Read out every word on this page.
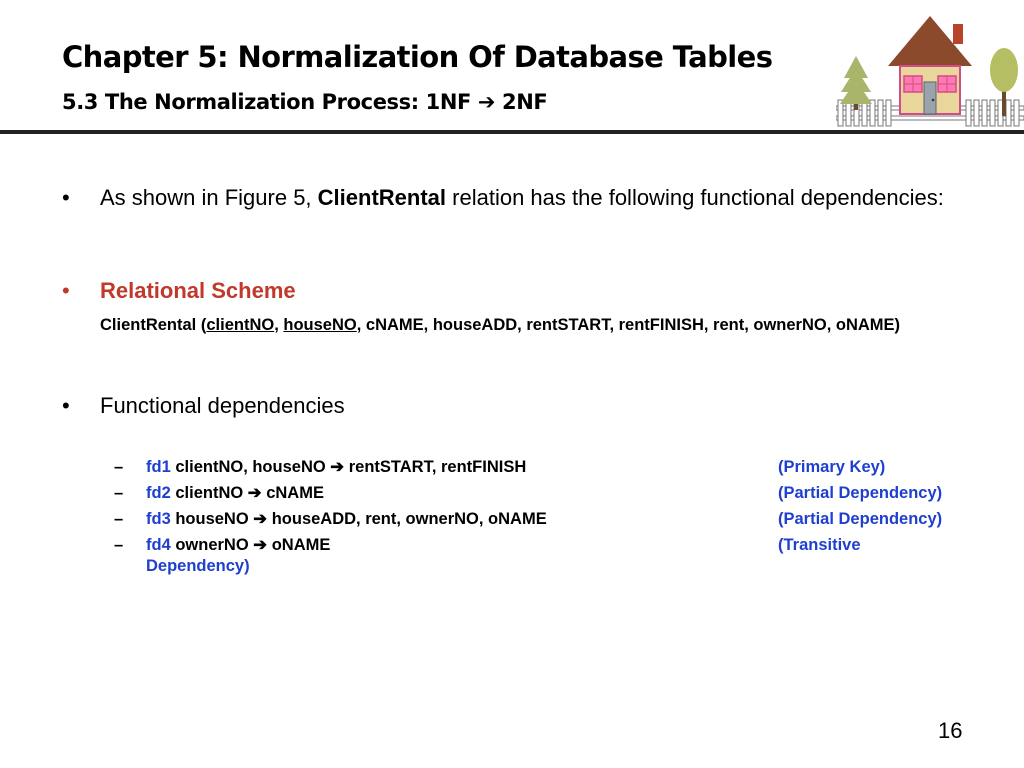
Chapter 5: Normalization Of Database Tables
5.3 The Normalization Process: 1NF ➔ 2NF
•	As shown in Figure 5, ClientRental relation has the following functional dependencies:
•	Relational Scheme
ClientRental (clientNO, houseNO, cNAME, houseADD, rentSTART, rentFINISH, rent, ownerNO, oNAME)
•	Functional dependencies
– fd1 clientNO, houseNO ➔ rentSTART, rentFINISH	(Primary Key)
– fd2 clientNO ➔ cNAME	(Partial Dependency)
– fd3 houseNO ➔ houseADD, rent, ownerNO, oNAME	(Partial Dependency)
– fd4 ownerNO ➔ oNAME	(Transitive
Dependency)
16
